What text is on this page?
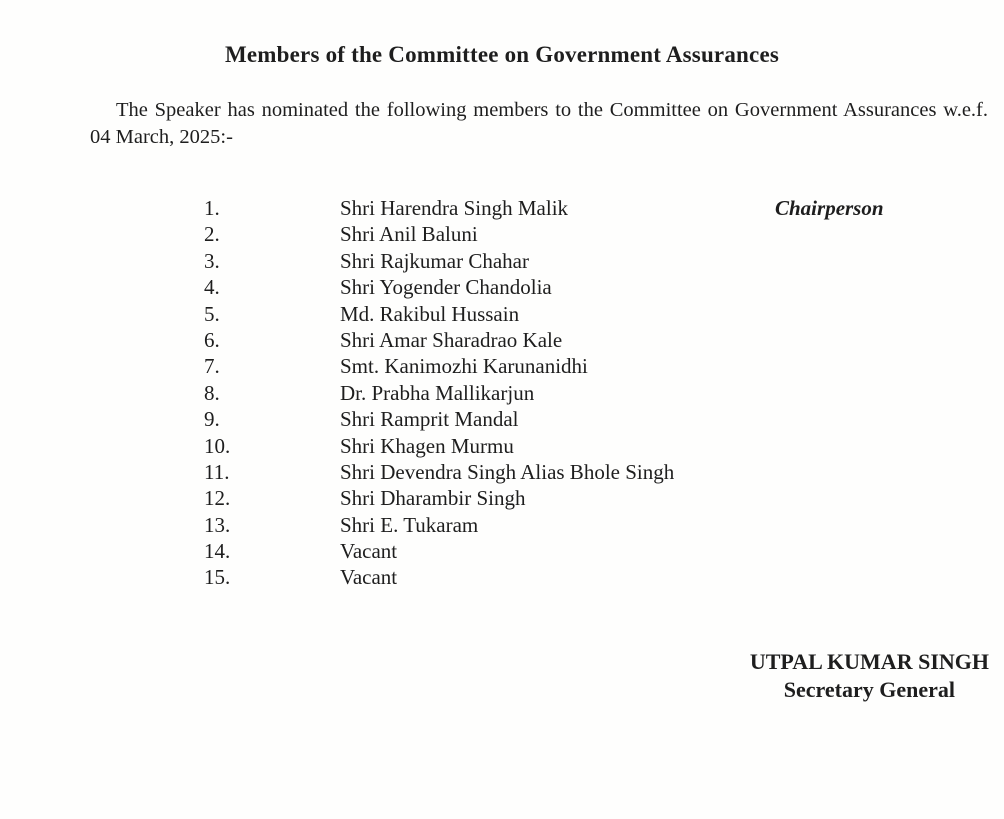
Members of the Committee on Government Assurances

The Speaker has nominated the following members to the Committee on Government Assurances w.e.f. 04 March, 2025:-

1.	Shri Harendra Singh Malik	Chairperson
2.	Shri Anil Baluni
3.	Shri Rajkumar Chahar
4.	Shri Yogender Chandolia
5.	Md. Rakibul Hussain
6.	Shri Amar Sharadrao Kale
7.	Smt. Kanimozhi Karunanidhi
8.	Dr. Prabha Mallikarjun
9.	Shri Ramprit Mandal
10.	Shri Khagen Murmu
11.	Shri Devendra Singh Alias Bhole Singh
12.	Shri Dharambir Singh
13.	Shri E. Tukaram
14.	Vacant
15.	Vacant
UTPAL KUMAR SINGH
Secretary General
